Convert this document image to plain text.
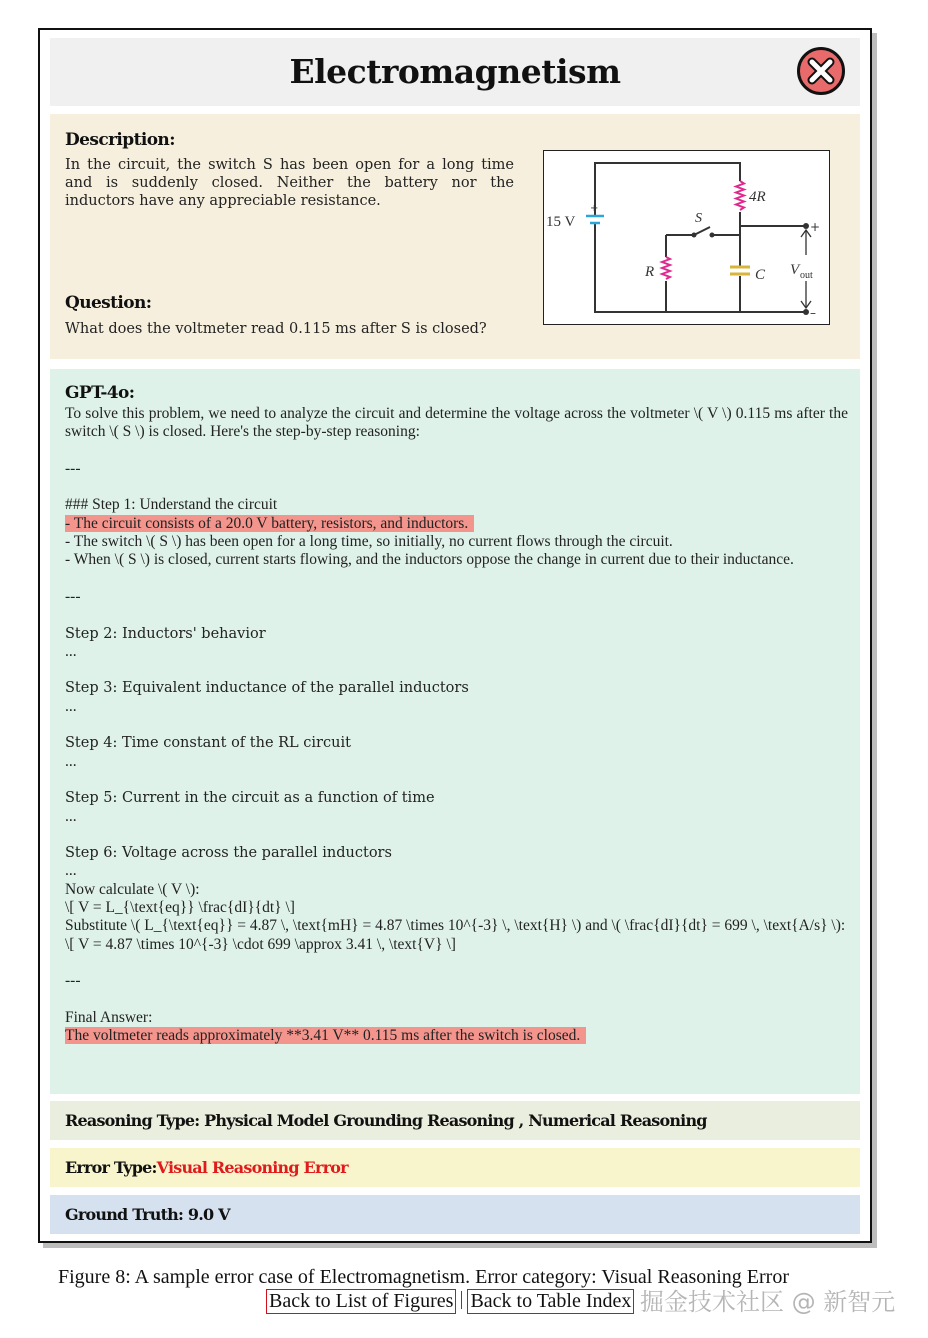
Electromagnetism
Description:
In the circuit, the switch S has been open for a long time and is suddenly closed. Neither the battery nor the inductors have any appreciable resistance.
Question:
What does the voltmeter read 0.115 ms after S is closed?
+
15 V
4R
R
S
C V out
+
–
GPT-4o:
To solve this problem, we need to analyze the circuit and determine the voltage across the voltmeter \( V \) 0.115 ms after the switch \( S \) is closed. Here's the step-by-step reasoning:
---
### Step 1: Understand the circuit
- The circuit consists of a 20.0 V battery, resistors, and inductors.
- The switch \( S \) has been open for a long time, so initially, no current flows through the circuit.
- When \( S \) is closed, current starts flowing, and the inductors oppose the change in current due to their inductance.
---
Step 2: Inductors' behavior
...
Step 3: Equivalent inductance of the parallel inductors
...
Step 4: Time constant of the RL circuit
...
Step 5: Current in the circuit as a function of time
...
Step 6: Voltage across the parallel inductors
...
Now calculate \( V \):
\[ V = L_{\text{eq}} \frac{dI}{dt} \]
Substitute \( L_{\text{eq}} = 4.87 \, \text{mH} = 4.87 \times 10^{-3} \, \text{H} \) and \( \frac{dI}{dt} = 699 \, \text{A/s} \):
\[ V = 4.87 \times 10^{-3} \cdot 699 \approx 3.41 \, \text{V} \]
---
Final Answer:
The voltmeter reads approximately **3.41 V** 0.115 ms after the switch is closed.
Reasoning Type: Physical Model Grounding Reasoning , Numerical Reasoning
Error Type:Visual Reasoning Error
Ground Truth: 9.0 V
Figure 8: A sample error case of Electromagnetism. Error category: Visual Reasoning Error
Back to List of Figures Back to Table Index 掘金技术社区 @ 新智元
